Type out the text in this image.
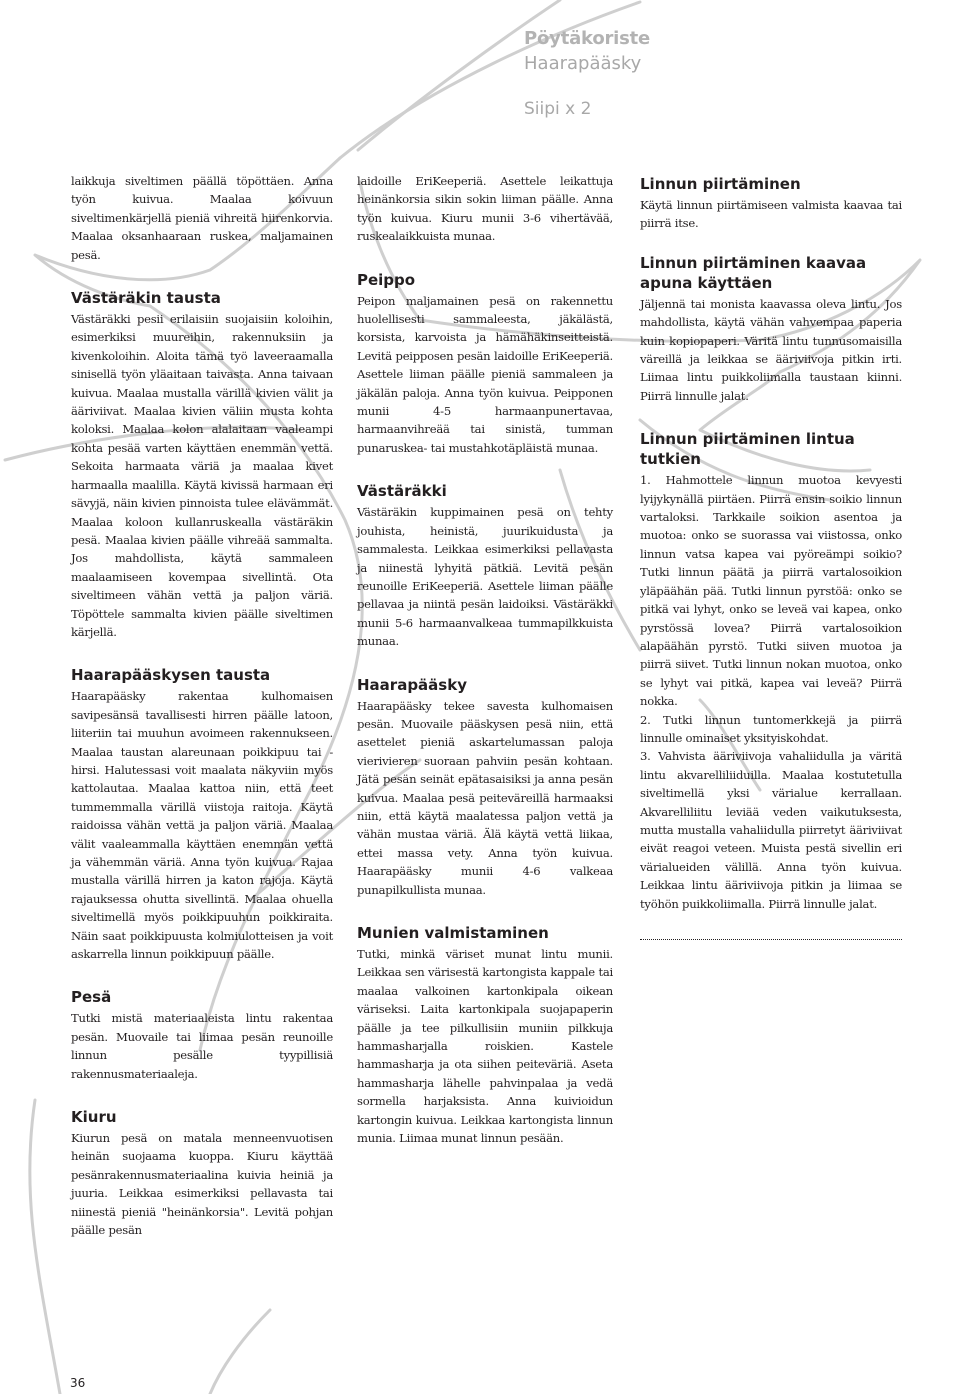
Pöytäkoriste
Haarapääsky
Siipi x 2

laikkuja siveltimen päällä töpöttäen. Anna työn kuivua. Maalaa koivuun siveltimenkärjellä pieniä vihreitä hiirenkorvia. Maalaa oksanhaaraan ruskea, maljamainen pesä.

Västäräkin tausta

Västäräkki pesii erilaisiin suojaisiin koloihin, esimerkiksi muureihin, rakennuksiin ja kivenkoloihin. Aloita tämä työ laveeraamalla sinisellä työn yläaitaan taivasta. Anna taivaan kuivua. Maalaa mustalla värillä kivien välit ja ääriviivat. Maalaa kivien väliin musta kohta koloksi. Maalaa kolon alalaitaan vaaleampi kohta pesää varten käyttäen enemmän vettä. Sekoita harmaata väriä ja maalaa kivet harmaalla maalilla. Käytä kivissä harmaan eri sävyjä, näin kivien pinnoista tulee elävämmät. Maalaa koloon kullanruskealla västäräkin pesä. Maalaa kivien päälle vihreää sammalta. Jos mahdollista, käytä sammaleen maalaamiseen kovempaa sivellintä. Ota siveltimeen vähän vettä ja paljon väriä. Töpöttele sammalta kivien päälle siveltimen kärjellä.

Haarapääskysen tausta

Haarapääsky rakentaa kulhomaisen savipesänsä tavallisesti hirren päälle latoon, liiteriin tai muuhun avoimeen rakennukseen. Maalaa taustan alareunaan poikkipuu tai -hirsi. Halutessasi voit maalata näkyviin myös kattolautaa. Maalaa kattoa niin, että teet tummemmalla värillä viistoja raitoja. Käytä raidoissa vähän vettä ja paljon väriä. Maalaa välit vaaleammalla käyttäen enemmän vettä ja vähemmän väriä. Anna työn kuivua. Rajaa mustalla värillä hirren ja katon rajoja. Käytä rajauksessa ohutta sivellintä. Maalaa ohuella siveltimellä myös poikkipuuhun poikkiraita. Näin saat poikkipuusta kolmiulotteisen ja voit askarrella linnun poikkipuun päälle.

Pesä

Tutki mistä materiaaleista lintu rakentaa pesän. Muovaile tai liimaa pesän reunoille linnun pesälle tyypillisiä rakennusmateriaaleja.

Kiuru

Kiurun pesä on matala menneenvuotisen heinän suojaama kuoppa. Kiuru käyttää pesänrakennusmateriaalina kuivia heiniä ja juuria. Leikkaa esimerkiksi pellavasta tai niinestä pieniä "heinänkorsia". Levitä pohjan päälle pesän

laidoille EriKeeperiä. Asettele leikattuja heinänkorsia sikin sokin liiman päälle. Anna työn kuivua. Kiuru munii 3-6 vihertävää, ruskealaikkuista munaa.

Peippo

Peipon maljamainen pesä on rakennettu huolellisesti sammaleesta, jäkälästä, korsista, karvoista ja hämähäkinseitteistä. Levitä peipposen pesän laidoille EriKeeperiä. Asettele liiman päälle pieniä sammaleen ja jäkälän paloja. Anna työn kuivua. Peipponen munii 4-5 harmaanpunertavaa, harmaanvihreää tai sinistä, tumman punaruskea- tai mustahkotäpläistä munaa.

Västäräkki

Västäräkin kuppimainen pesä on tehty jouhista, heinistä, juurikuidusta ja sammalesta. Leikkaa esimerkiksi pellavasta ja niinestä lyhyitä pätkiä. Levitä pesän reunoille EriKeeperiä. Asettele liiman päälle pellavaa ja niintä pesän laidoiksi. Västäräkki munii 5-6 harmaanvalkeaa tummapilkkuista munaa.

Haarapääsky

Haarapääsky tekee savesta kulhomaisen pesän. Muovaile pääskysen pesä niin, että asettelet pieniä askartelumassan paloja vierivieren suoraan pahviin pesän kohtaan. Jätä pesän seinät epätasaisiksi ja anna pesän kuivua. Maalaa pesä peiteväreillä harmaaksi niin, että käytä maalatessa paljon vettä ja vähän mustaa väriä. Älä käytä vettä liikaa, ettei massa vety. Anna työn kuivua. Haarapääsky munii 4-6 valkeaa punapilkullista munaa.

Munien valmistaminen

Tutki, minkä väriset munat lintu munii. Leikkaa sen värisestä kartongista kappale tai maalaa valkoinen kartonkipala oikean väriseksi. Laita kartonkipala suojapaperin päälle ja tee pilkullisiin muniin pilkkuja hammasharjalla roiskien. Kastele hammasharja ja ota siihen peiteväriä. Aseta hammasharja lähelle pahvinpalaa ja vedä sormella harjaksista. Anna kuivioidun kartongin kuivua. Leikkaa kartongista linnun munia. Liimaa munat linnun pesään.

Linnun piirtäminen

Käytä linnun piirtämiseen valmista kaavaa tai piirrä itse.

Linnun piirtäminen kaavaa apuna käyttäen

Jäljennä tai monista kaavassa oleva lintu. Jos mahdollista, käytä vähän vahvempaa paperia kuin kopiopaperi. Väritä lintu tunnusomaisilla väreillä ja leikkaa se ääriviivoja pitkin irti. Liimaa lintu puikkoliimalla taustaan kiinni. Piirrä linnulle jalat.

Linnun piirtäminen lintua tutkien

1. Hahmottele linnun muotoa kevyesti lyijykynällä piirtäen. Piirrä ensin soikio linnun vartaloksi. Tarkkaile soikion asentoa ja muotoa: onko se suorassa vai viistossa, onko linnun vatsa kapea vai pyöreämpi soikio? Tutki linnun päätä ja piirrä vartalosoikion yläpäähän pää. Tutki linnun pyrstöä: onko se pitkä vai lyhyt, onko se leveä vai kapea, onko pyrstössä lovea? Piirrä vartalosoikion alapäähän pyrstö. Tutki siiven muotoa ja piirrä siivet. Tutki linnun nokan muotoa, onko se lyhyt vai pitkä, kapea vai leveä? Piirrä nokka.

2. Tutki linnun tuntomerkkejä ja piirrä linnulle ominaiset yksityiskohdat.

3. Vahvista ääriviivoja vahaliidulla ja väritä lintu akvarelliliiduilla. Maalaa kostutetulla siveltimellä yksi värialue kerrallaan. Akvarelliliitu leviää veden vaikutuksesta, mutta mustalla vahaliidulla piirretyt ääriviivat eivät reagoi veteen. Muista pestä sivellin eri värialueiden välillä. Anna työn kuivua. Leikkaa lintu ääriviivoja pitkin ja liimaa se työhön puikkoliimalla. Piirrä linnulle jalat.

36
